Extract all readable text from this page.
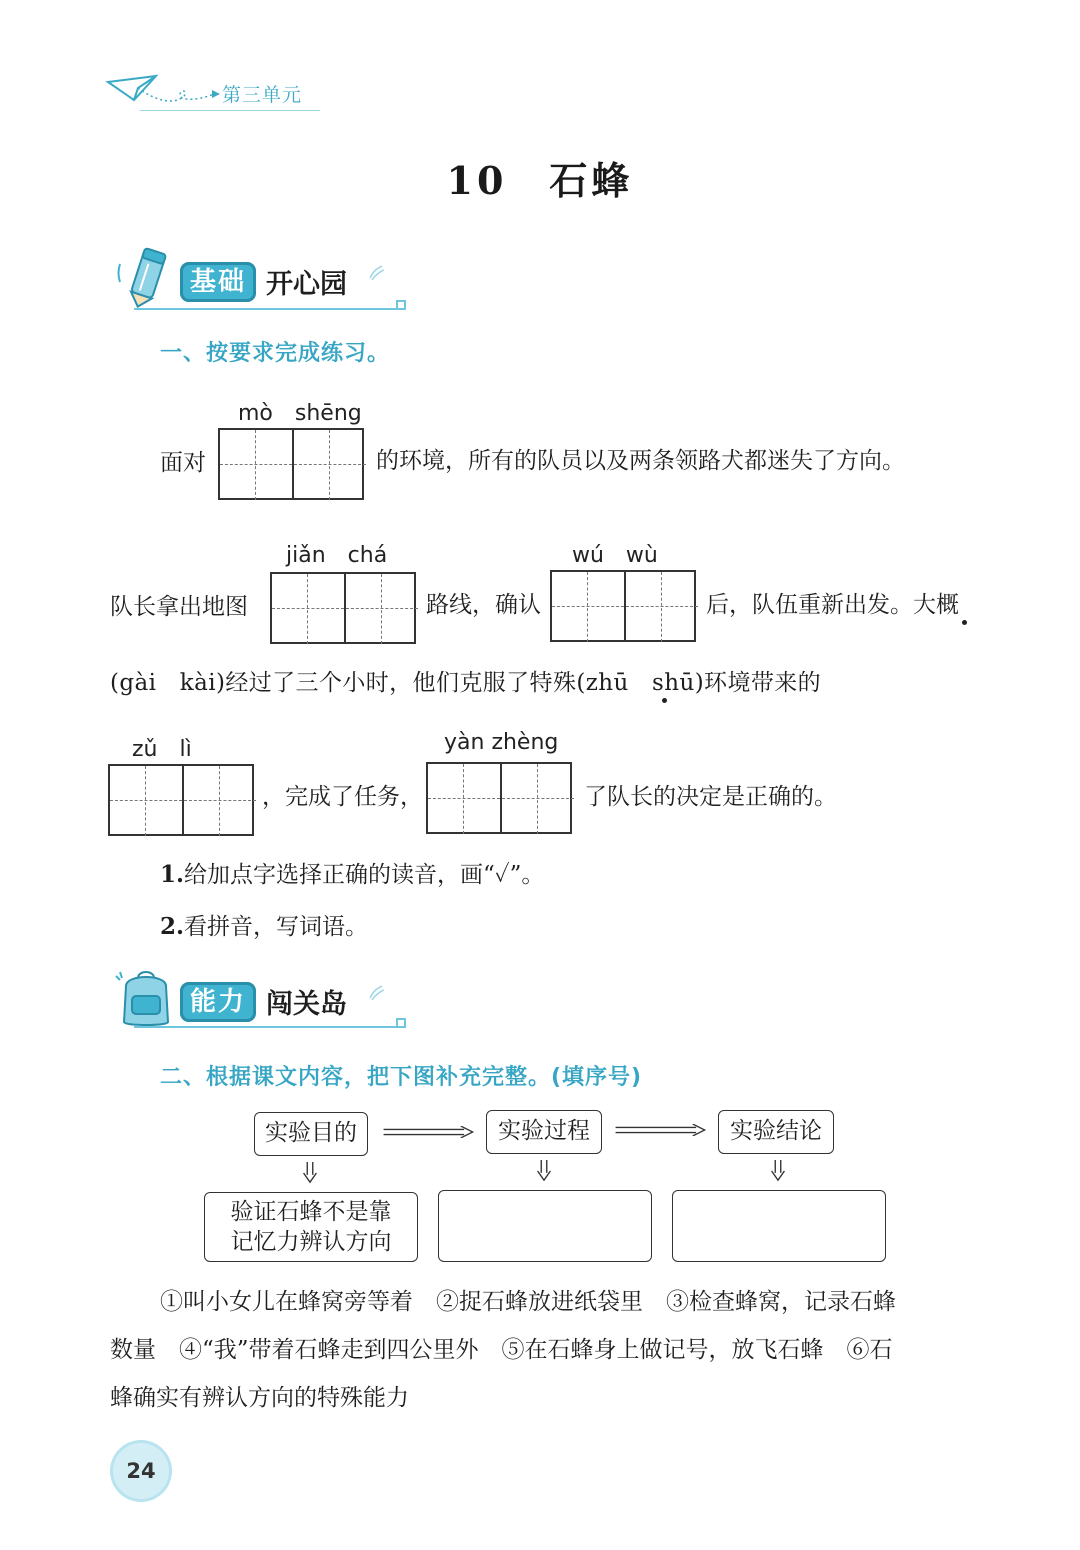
第三单元
10　石蜂
基础 开心园
一、按要求完成练习。
mò　shēng
面对	的环境，所有的队员以及两条领路犬都迷失了方向。
jiǎn　chá	wú　wù
队长拿出地图	路线，确认	后，队伍重新出发。大概
(gài　kài)经过了三个小时，他们克服了特殊(zhū　shū)环境带来的
zǔ　lì	yàn zhèng
，完成了任务，	了队长的决定是正确的。
1.给加点字选择正确的读音，画“✓”。
2.看拼音，写词语。
能力 闯关岛
二、根据课文内容，把下图补充完整。(填序号)
实验目的	实验过程	实验结论
验证石蜂不是靠
记忆力辨认方向
①叫小女儿在蜂窝旁等着　②捉石蜂放进纸袋里　③检查蜂窝，记录石蜂
数量　④“我”带着石蜂走到四公里外　⑤在石蜂身上做记号，放飞石蜂　⑥石
蜂确实有辨认方向的特殊能力
24
